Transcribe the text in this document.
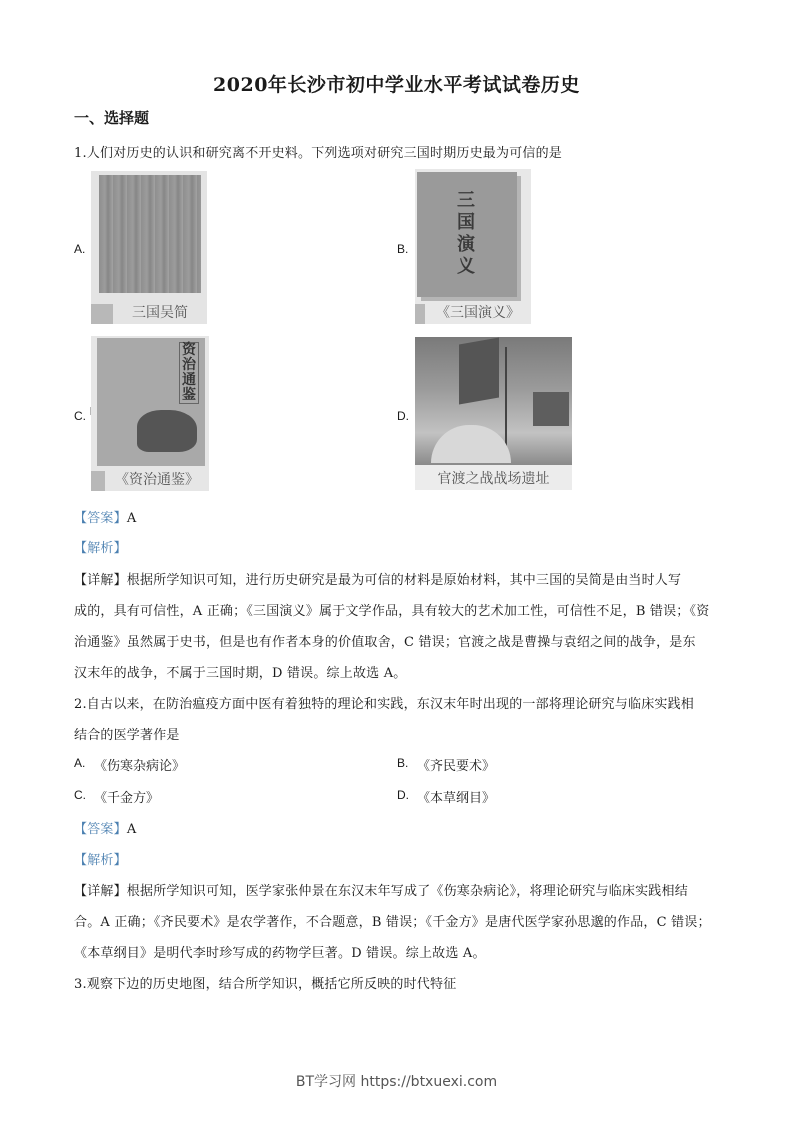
2020年长沙市初中学业水平考试试卷历史
一、选择题
1.人们对历史的认识和研究离不开史料。下列选项对研究三国时期历史最为可信的是
A.
三国吴简
B.
三国演义
《三国演义》
C.
资治通鉴
《资治通鉴》
D.
官渡之战战场遗址
【答案】A
【解析】
【详解】根据所学知识可知，进行历史研究是最为可信的材料是原始材料，其中三国的吴简是由当时人写
成的，具有可信性，A 正确；《三国演义》属于文学作品，具有较大的艺术加工性，可信性不足，B 错误；《资
治通鉴》虽然属于史书，但是也有作者本身的价值取舍，C 错误；官渡之战是曹操与袁绍之间的战争，是东
汉末年的战争，不属于三国时期，D 错误。综上故选 A。
2.自古以来，在防治瘟疫方面中医有着独特的理论和实践，东汉末年时出现的一部将理论研究与临床实践相
结合的医学著作是
A. 《伤寒杂病论》	B. 《齐民要术》
C. 《千金方》	D. 《本草纲目》
【答案】A
【解析】
【详解】根据所学知识可知，医学家张仲景在东汉末年写成了《伤寒杂病论》，将理论研究与临床实践相结
合。A 正确；《齐民要术》是农学著作，不合题意，B 错误；《千金方》是唐代医学家孙思邈的作品，C 错误；
《本草纲目》是明代李时珍写成的药物学巨著。D 错误。综上故选 A。
3.观察下边的历史地图，结合所学知识，概括它所反映的时代特征
BT学习网 https://btxuexi.com
